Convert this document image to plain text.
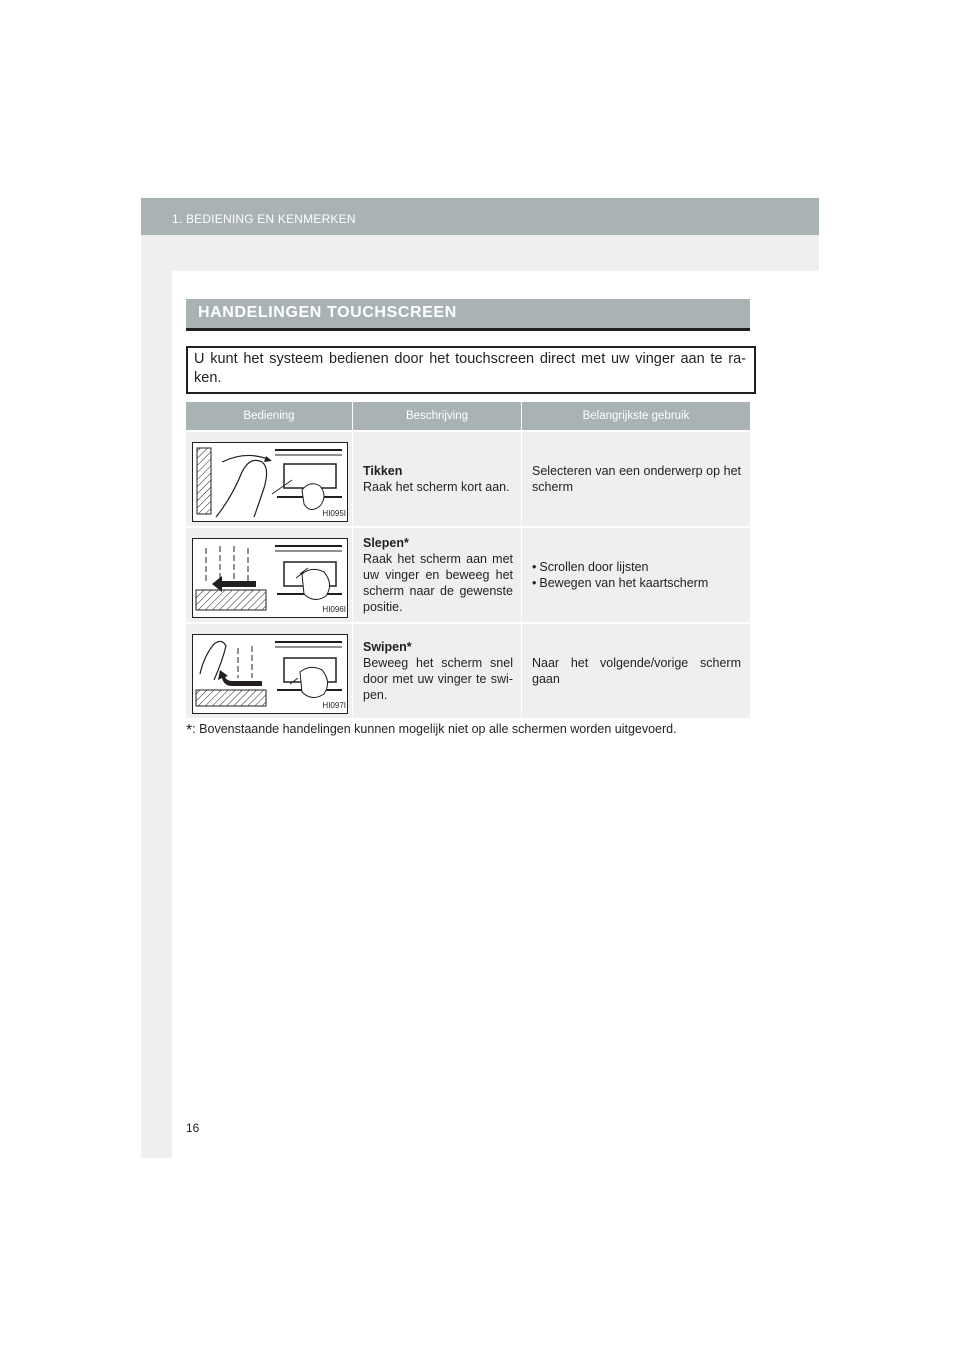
1. BEDIENING EN KENMERKEN
HANDELINGEN TOUCHSCREEN
U kunt het systeem bedienen door het touchscreen direct met uw vinger aan te ra-
ken.
Bediening	Beschrijving	Belangrijkste gebruik
HI095I
Tikken
Raak het scherm kort aan.
Selecteren van een onderwerp op het scherm
HI096I
Slepen*
Raak het scherm aan met uw vinger en beweeg het scherm naar de gewenste positie.
• Scrollen door lijsten
• Bewegen van het kaartscherm
HI097I
Swipen*
Beweeg het scherm snel door met uw vinger te swi-pen.
Naar het volgende/vorige scherm gaan
*: Bovenstaande handelingen kunnen mogelijk niet op alle schermen worden uitgevoerd.
16
